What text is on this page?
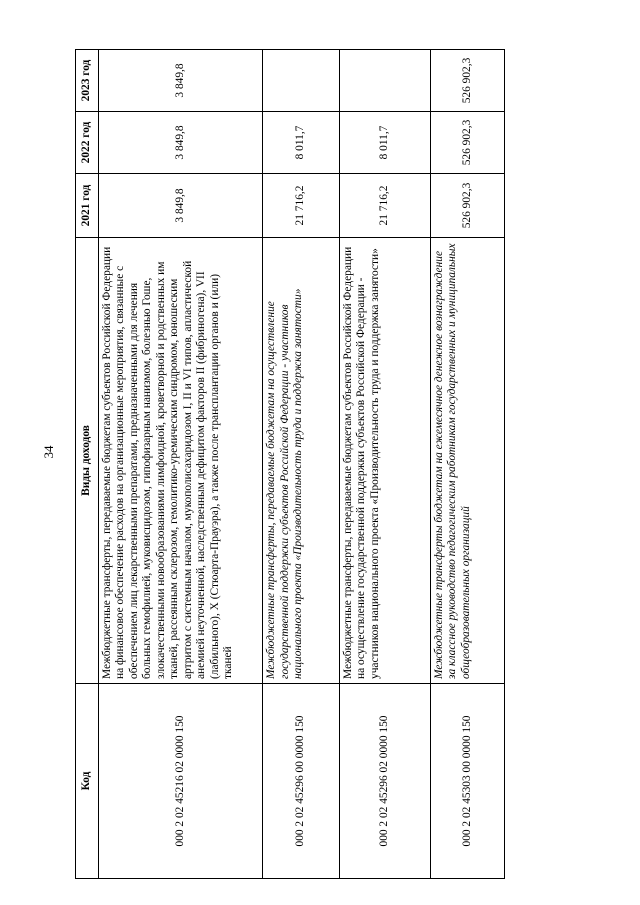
34
Код	Виды доходов	2021 год	2022 год	2023 год
000 2 02 45216 02 0000 150	Межбюджетные трансферты, передаваемые бюджетам субъектов Российской Федерации на финансовое обеспечение расходов на организационные мероприятия, связанные с обеспечением лиц лекарственными препаратами, предназначенными для лечения больных гемофилией, муковисцидозом, гипофизарным нанизмом, болезнью Гоше, злокачественными новообразованиями лимфоидной, кроветворной и родственных им тканей, рассеянным склерозом, гемолитико-уремическим синдромом, юношеским артритом с системным началом, мукополисахаридозом I, II и VI типов, апластической анемией неуточненной, наследственным дефицитом факторов II (фибриногена), VII (лабильного), X (Стюарта-Прауэра), а также после трансплантации органов и (или) тканей	3 849,8	3 849,8	3 849,8
000 2 02 45296 00 0000 150	Межбюджетные трансферты, передаваемые бюджетам на осуществление государственной поддержки субъектов Российской Федерации - участников национального проекта «Производительность труда и поддержка занятости»	21 716,2	8 011,7	
000 2 02 45296 02 0000 150	Межбюджетные трансферты, передаваемые бюджетам субъектов Российской Федерации на осуществление государственной поддержки субъектов Российской Федерации - участников национального проекта «Производительность труда и поддержка занятости»	21 716,2	8 011,7	
000 2 02 45303 00 0000 150	Межбюджетные трансферты бюджетам на ежемесячное денежное вознаграждение за классное руководство педагогическим работникам государственных и муниципальных общеобразовательных организаций	526 902,3	526 902,3	526 902,3
